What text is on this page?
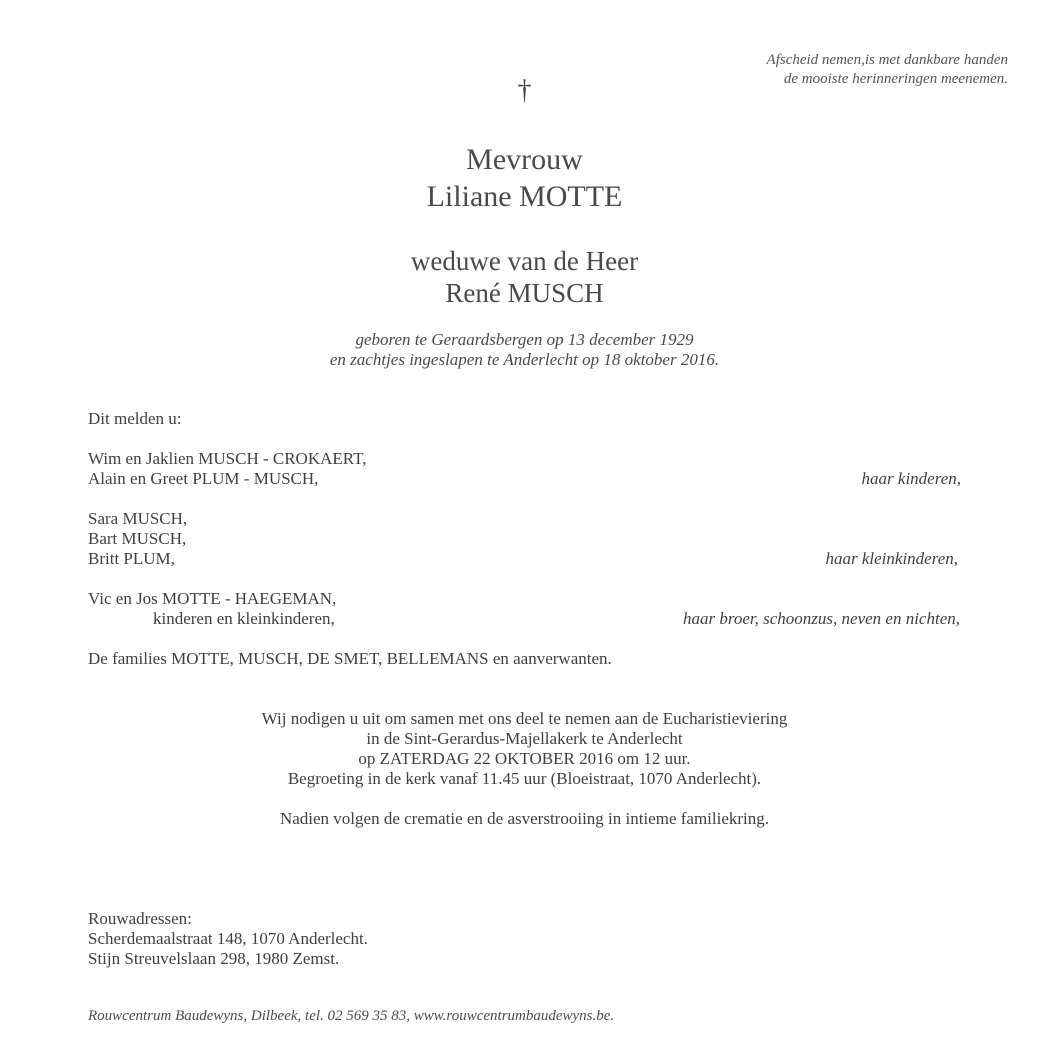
Afscheid nemen,is met dankbare handen
de mooiste herinneringen meenemen.
†
Mevrouw
Liliane MOTTE
weduwe van de Heer
René MUSCH
geboren te Geraardsbergen op 13 december 1929
en zachtjes ingeslapen te Anderlecht op 18 oktober 2016.
Dit melden u:
Wim en Jaklien MUSCH - CROKAERT,
Alain en Greet PLUM - MUSCH,	haar kinderen,
Sara MUSCH,
Bart MUSCH,
Britt PLUM,	haar kleinkinderen,
Vic en Jos MOTTE - HAEGEMAN,
kinderen en kleinkinderen,	haar broer, schoonzus, neven en nichten,
De families MOTTE, MUSCH, DE SMET, BELLEMANS en aanverwanten.
Wij nodigen u uit om samen met ons deel te nemen aan de Eucharistieviering
in de Sint-Gerardus-Majellakerk te Anderlecht
op ZATERDAG 22 OKTOBER 2016 om 12 uur.
Begroeting in de kerk vanaf 11.45 uur (Bloeistraat, 1070 Anderlecht).
Nadien volgen de crematie en de asverstrooiing in intieme familiekring.
Rouwadressen:
Scherdemaalstraat 148, 1070 Anderlecht.
Stijn Streuvelslaan 298, 1980 Zemst.
Rouwcentrum Baudewyns, Dilbeek, tel. 02 569 35 83, www.rouwcentrumbaudewyns.be.
